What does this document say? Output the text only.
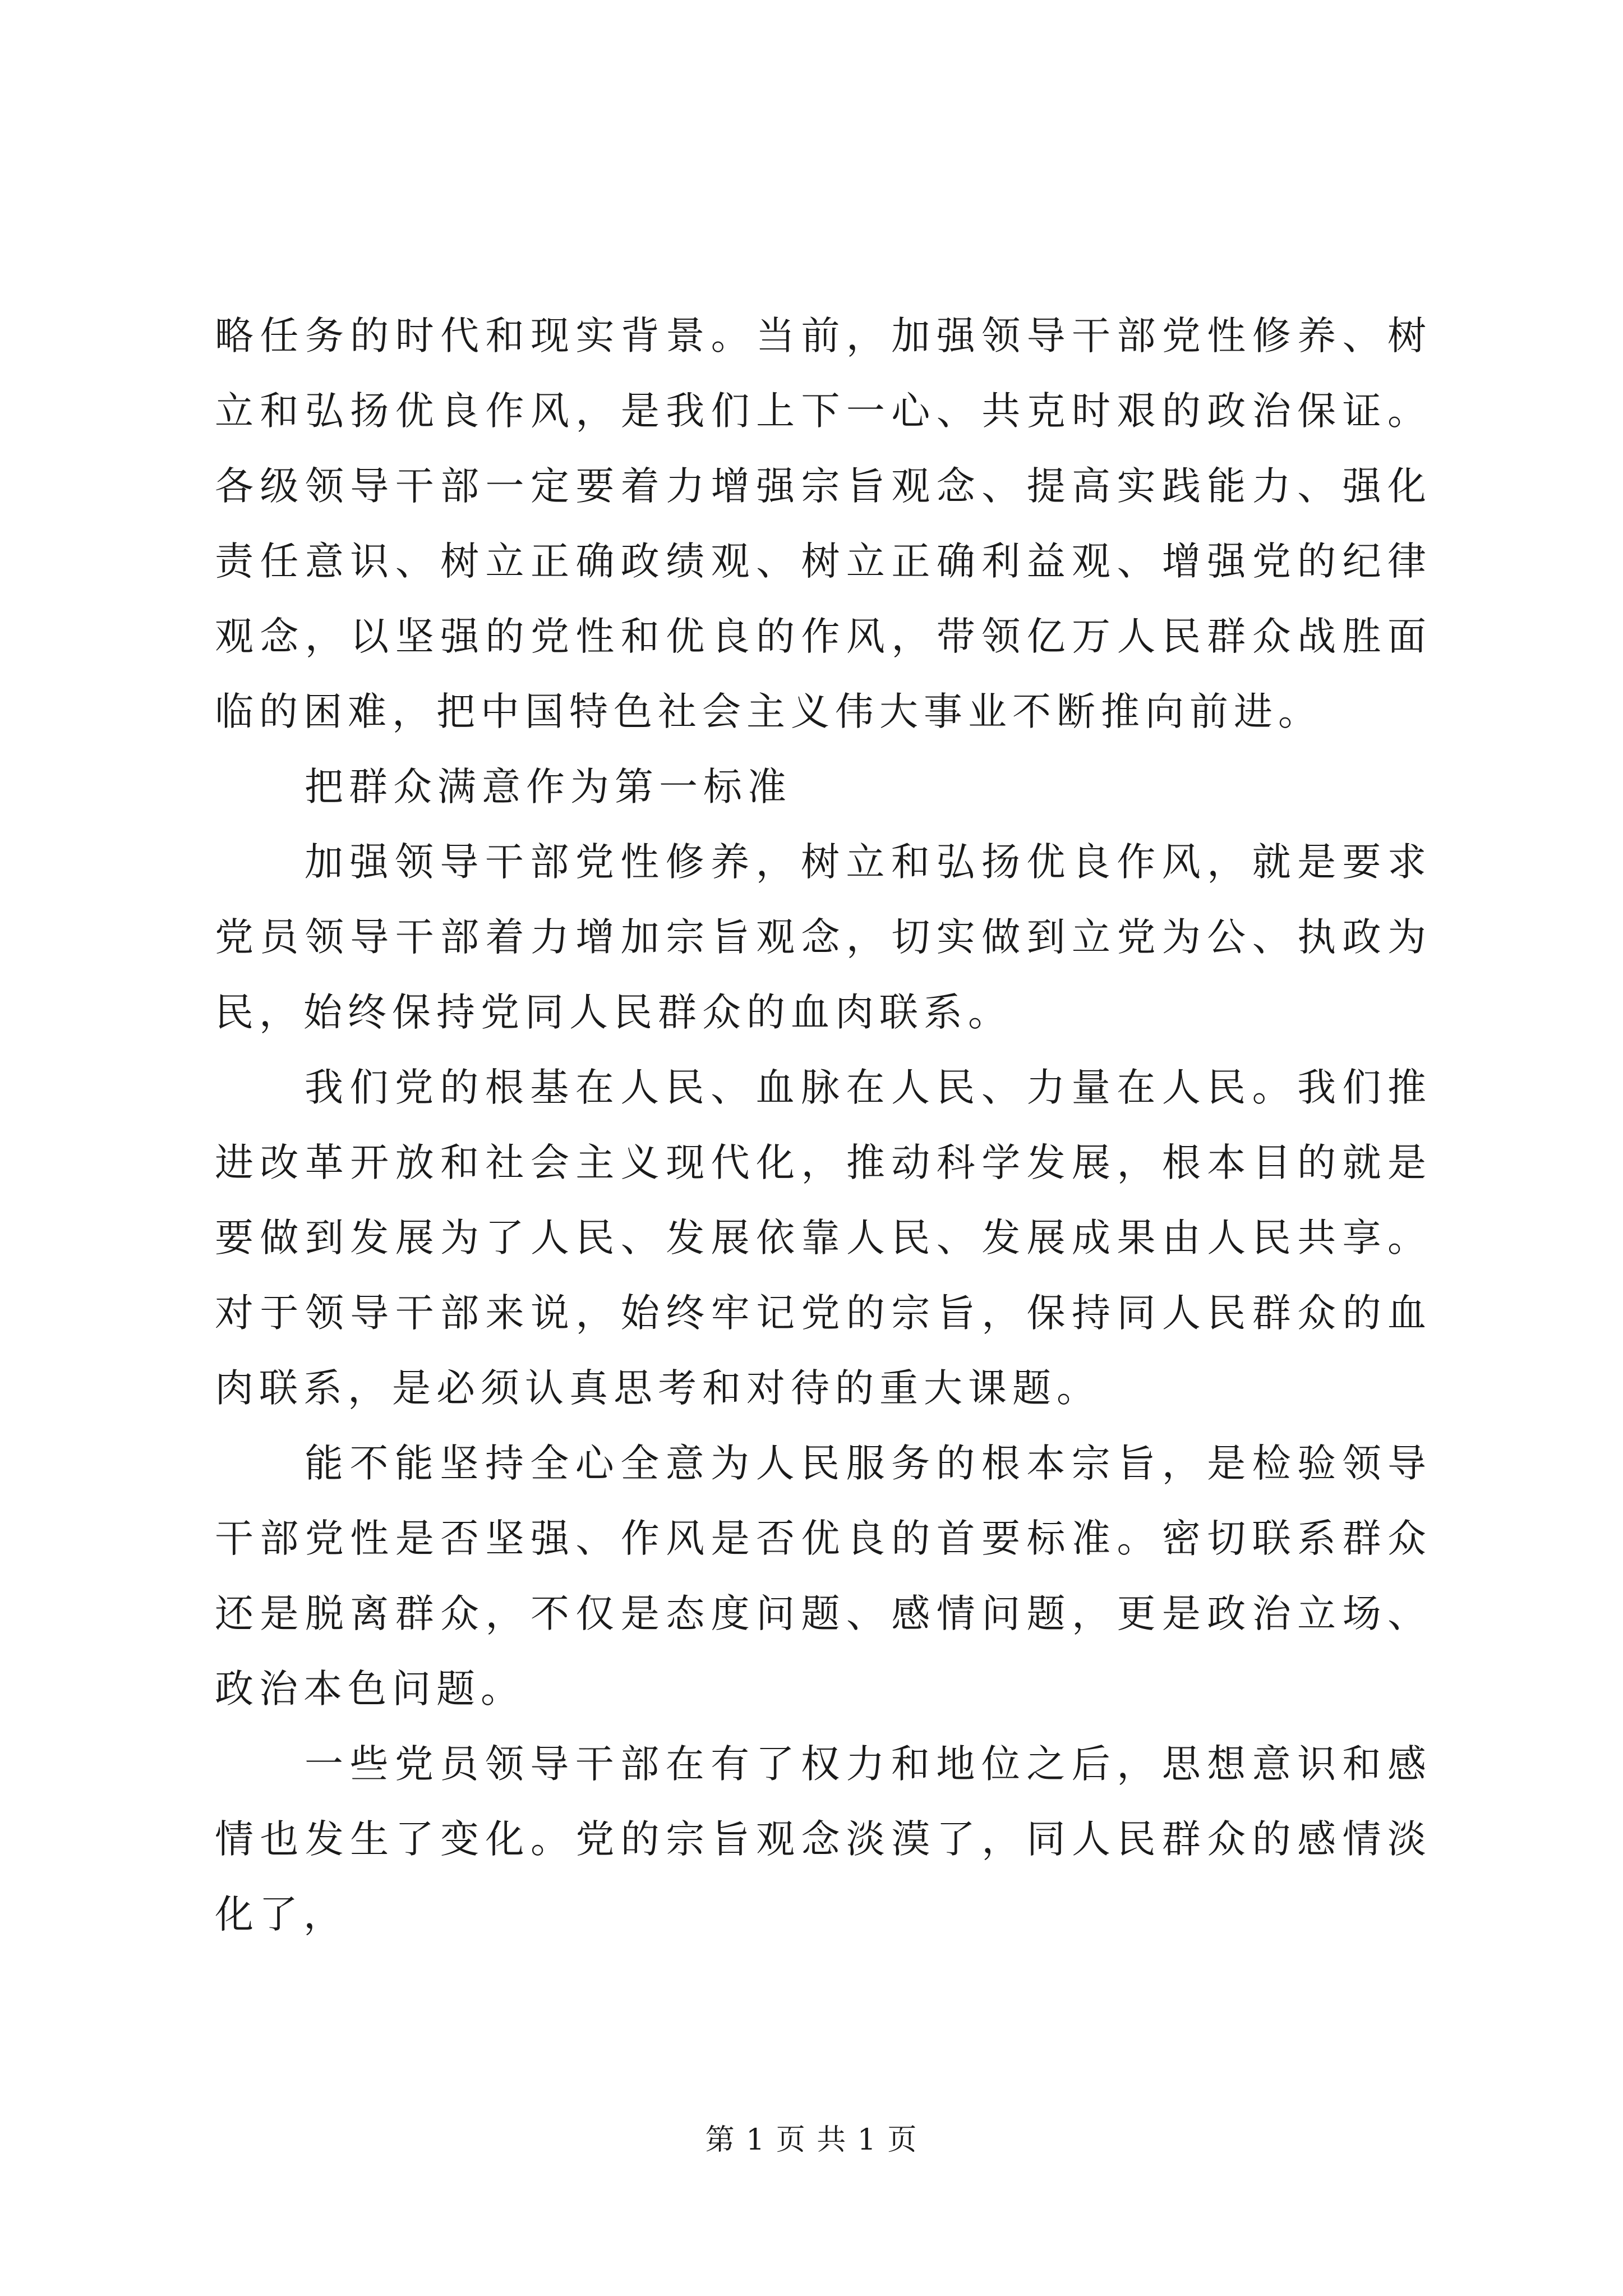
略任务的时代和现实背景。当前，加强领导干部党性修养、树立和弘扬优良作风，是我们上下一心、共克时艰的政治保证。各级领导干部一定要着力增强宗旨观念、提高实践能力、强化责任意识、树立正确政绩观、树立正确利益观、增强党的纪律观念，以坚强的党性和优良的作风，带领亿万人民群众战胜面临的困难，把中国特色社会主义伟大事业不断推向前进。

把群众满意作为第一标准

加强领导干部党性修养，树立和弘扬优良作风，就是要求党员领导干部着力增加宗旨观念，切实做到立党为公、执政为民，始终保持党同人民群众的血肉联系。

我们党的根基在人民、血脉在人民、力量在人民。我们推进改革开放和社会主义现代化，推动科学发展，根本目的就是要做到发展为了人民、发展依靠人民、发展成果由人民共享。对于领导干部来说，始终牢记党的宗旨，保持同人民群众的血肉联系，是必须认真思考和对待的重大课题。

能不能坚持全心全意为人民服务的根本宗旨，是检验领导干部党性是否坚强、作风是否优良的首要标准。密切联系群众还是脱离群众，不仅是态度问题、感情问题，更是政治立场、政治本色问题。

一些党员领导干部在有了权力和地位之后，思想意识和感情也发生了变化。党的宗旨观念淡漠了，同人民群众的感情淡化了，

第 1 页 共 1 页
